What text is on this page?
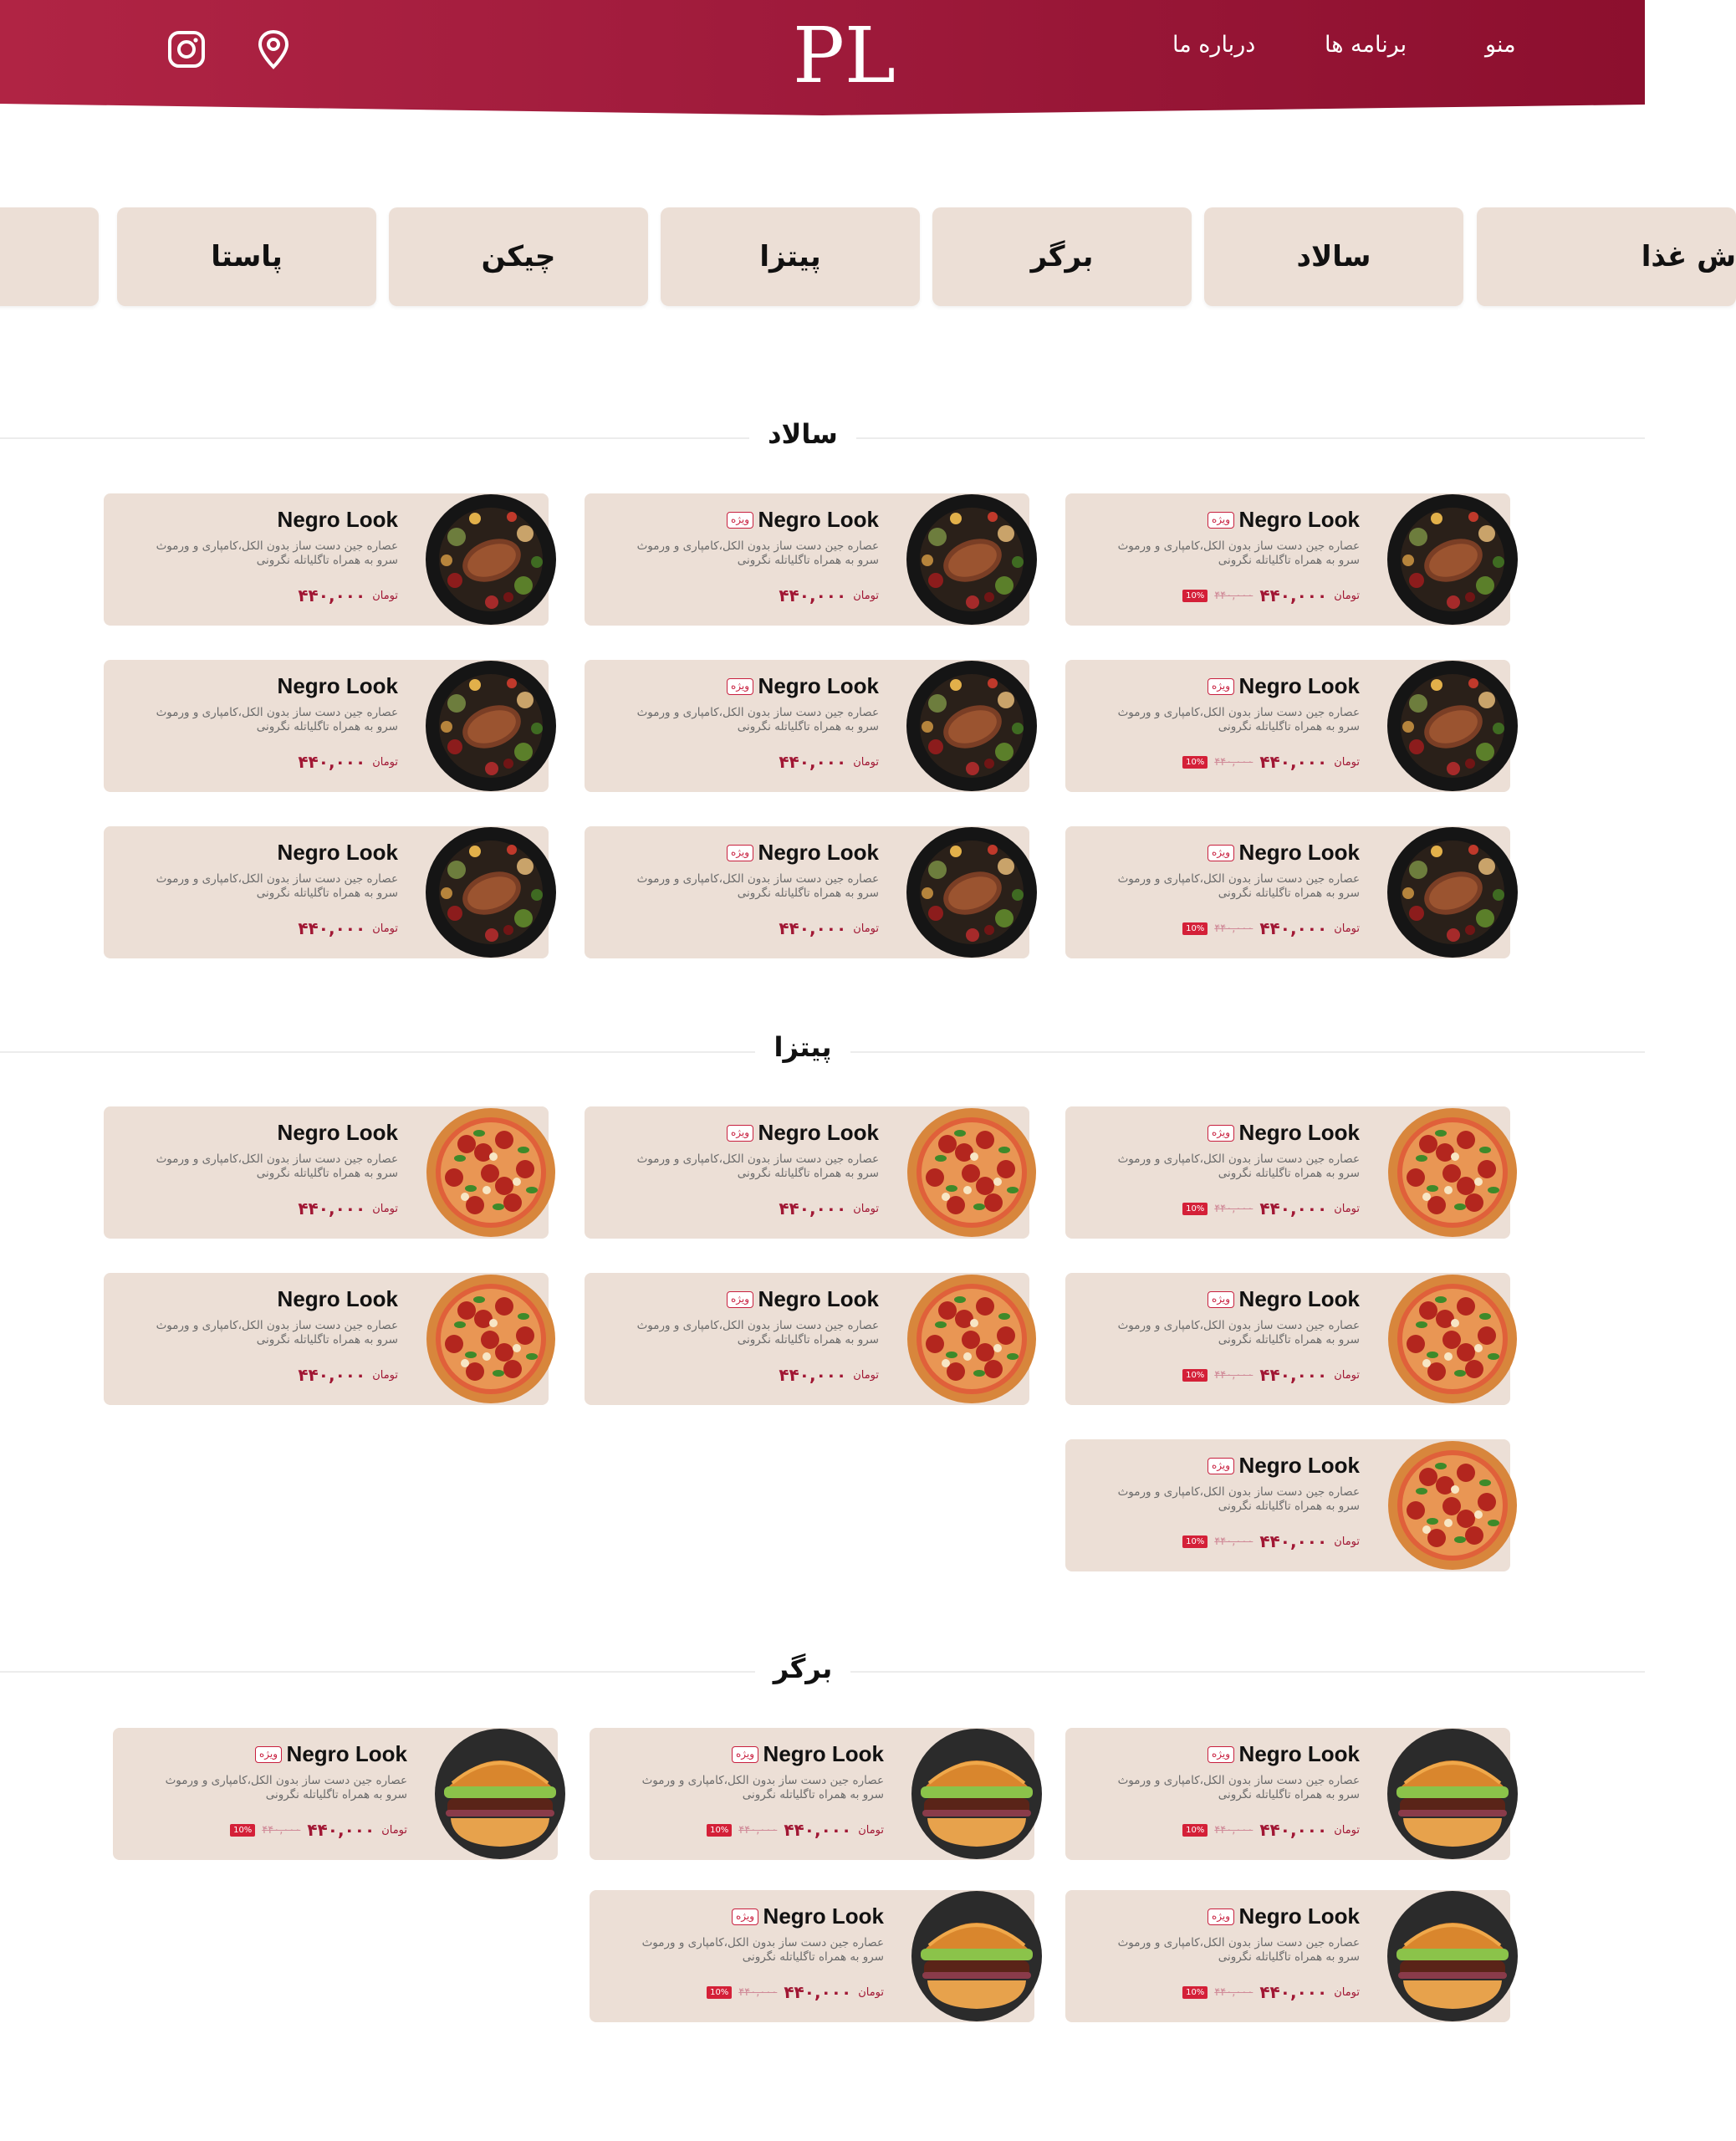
PL	منو
برنامه ها
درباره ما
ش غذا
سالاد
برگر
پیتزا
چیکن
پاستا
سالاد
پیتزا
برگر
Negro Look
ویژه
عصاره جین دست ساز بدون الکل،کامپاری و ورموث سرو به همراه تاگلیاتله نگرونی
تومان
۴۴۰,۰۰۰
۴۴۰,۰۰۰
10%
Negro Look
ویژه
عصاره جین دست ساز بدون الکل،کامپاری و ورموث سرو به همراه تاگلیاتله نگرونی
تومان
۴۴۰,۰۰۰
Negro Look
عصاره جین دست ساز بدون الکل،کامپاری و ورموث سرو به همراه تاگلیاتله نگرونی
تومان
۴۴۰,۰۰۰
Negro Look
ویژه
عصاره جین دست ساز بدون الکل،کامپاری و ورموث سرو به همراه تاگلیاتله نگرونی
تومان
۴۴۰,۰۰۰
۴۴۰,۰۰۰
10%
Negro Look
ویژه
عصاره جین دست ساز بدون الکل،کامپاری و ورموث سرو به همراه تاگلیاتله نگرونی
تومان
۴۴۰,۰۰۰
Negro Look
عصاره جین دست ساز بدون الکل،کامپاری و ورموث سرو به همراه تاگلیاتله نگرونی
تومان
۴۴۰,۰۰۰
Negro Look
ویژه
عصاره جین دست ساز بدون الکل،کامپاری و ورموث سرو به همراه تاگلیاتله نگرونی
تومان
۴۴۰,۰۰۰
۴۴۰,۰۰۰
10%
Negro Look
ویژه
عصاره جین دست ساز بدون الکل،کامپاری و ورموث سرو به همراه تاگلیاتله نگرونی
تومان
۴۴۰,۰۰۰
Negro Look
عصاره جین دست ساز بدون الکل،کامپاری و ورموث سرو به همراه تاگلیاتله نگرونی
تومان
۴۴۰,۰۰۰
Negro Look
ویژه
عصاره جین دست ساز بدون الکل،کامپاری و ورموث سرو به همراه تاگلیاتله نگرونی
تومان
۴۴۰,۰۰۰
۴۴۰,۰۰۰
10%
Negro Look
ویژه
عصاره جین دست ساز بدون الکل،کامپاری و ورموث سرو به همراه تاگلیاتله نگرونی
تومان
۴۴۰,۰۰۰
Negro Look
عصاره جین دست ساز بدون الکل،کامپاری و ورموث سرو به همراه تاگلیاتله نگرونی
تومان
۴۴۰,۰۰۰
Negro Look
ویژه
عصاره جین دست ساز بدون الکل،کامپاری و ورموث سرو به همراه تاگلیاتله نگرونی
تومان
۴۴۰,۰۰۰
۴۴۰,۰۰۰
10%
Negro Look
ویژه
عصاره جین دست ساز بدون الکل،کامپاری و ورموث سرو به همراه تاگلیاتله نگرونی
تومان
۴۴۰,۰۰۰
Negro Look
عصاره جین دست ساز بدون الکل،کامپاری و ورموث سرو به همراه تاگلیاتله نگرونی
تومان
۴۴۰,۰۰۰
Negro Look
ویژه
عصاره جین دست ساز بدون الکل،کامپاری و ورموث سرو به همراه تاگلیاتله نگرونی
تومان
۴۴۰,۰۰۰
۴۴۰,۰۰۰
10%
Negro Look
ویژه
عصاره جین دست ساز بدون الکل،کامپاری و ورموث سرو به همراه تاگلیاتله نگرونی
تومان
۴۴۰,۰۰۰
۴۴۰,۰۰۰
10%
Negro Look
ویژه
عصاره جین دست ساز بدون الکل،کامپاری و ورموث سرو به همراه تاگلیاتله نگرونی
تومان
۴۴۰,۰۰۰
۴۴۰,۰۰۰
10%
Negro Look
ویژه
عصاره جین دست ساز بدون الکل،کامپاری و ورموث سرو به همراه تاگلیاتله نگرونی
تومان
۴۴۰,۰۰۰
۴۴۰,۰۰۰
10%
Negro Look
ویژه
عصاره جین دست ساز بدون الکل،کامپاری و ورموث سرو به همراه تاگلیاتله نگرونی
تومان
۴۴۰,۰۰۰
۴۴۰,۰۰۰
10%
Negro Look
ویژه
عصاره جین دست ساز بدون الکل،کامپاری و ورموث سرو به همراه تاگلیاتله نگرونی
تومان
۴۴۰,۰۰۰
۴۴۰,۰۰۰
10%
